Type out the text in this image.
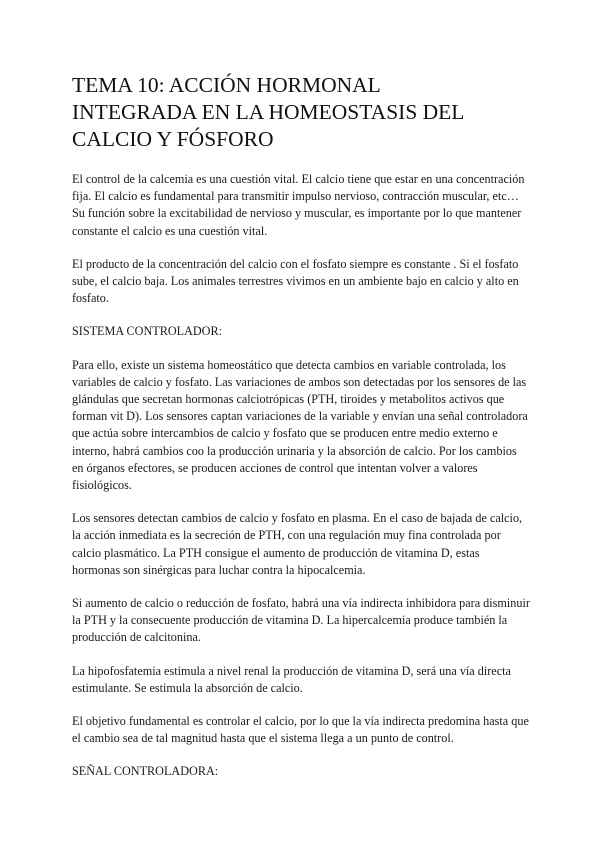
TEMA 10: ACCIÓN HORMONAL
INTEGRADA EN LA HOMEOSTASIS DEL
CALCIO Y FÓSFORO
El control de la calcemia es una cuestión vital. El calcio tiene que estar en una concentración
fija. El calcio es fundamental para transmitir impulso nervioso, contracción muscular, etc…
Su función sobre la excitabilidad de nervioso y muscular, es importante por lo que mantener
constante el calcio es una cuestión vital.
El producto de la concentración del calcio con el fosfato siempre es constante . Si el fosfato
sube, el calcio baja. Los animales terrestres vivimos en un ambiente bajo en calcio y alto en
fosfato.
SISTEMA CONTROLADOR:
Para ello, existe un sistema homeostático que detecta cambios en variable controlada, los
variables de calcio y fosfato. Las variaciones de ambos son detectadas por los sensores de las
glándulas que secretan hormonas calciotrópicas (PTH, tiroides y metabolitos activos que
forman vit D). Los sensores captan variaciones de la variable y envían una señal controladora
que actúa sobre intercambios de calcio y fosfato que se producen entre medio externo e
interno, habrá cambios coo la producción urinaria y la absorción de calcio. Por los cambios
en órganos efectores, se producen acciones de control que intentan volver a valores
fisiológicos.
Los sensores detectan cambios de calcio y fosfato en plasma. En el caso de bajada de calcio,
la acción inmediata es la secreción de PTH, con una regulación muy fina controlada por
calcio plasmático. La PTH consigue el aumento de producción de vitamina D, estas
hormonas son sinérgicas para luchar contra la hipocalcemia.
Si aumento de calcio o reducción de fosfato, habrá una vía indirecta inhibidora para disminuir
la PTH y la consecuente producción de vitamina D. La hipercalcemia produce también la
producción de calcitonina.
La hipofosfatemia estimula a nivel renal la producción de vitamina D, será una vía directa
estimulante. Se estimula la absorción de calcio.
El objetivo fundamental es controlar el calcio, por lo que la vía indirecta predomina hasta que
el cambio sea de tal magnitud hasta que el sistema llega a un punto de control.
SEÑAL CONTROLADORA:
